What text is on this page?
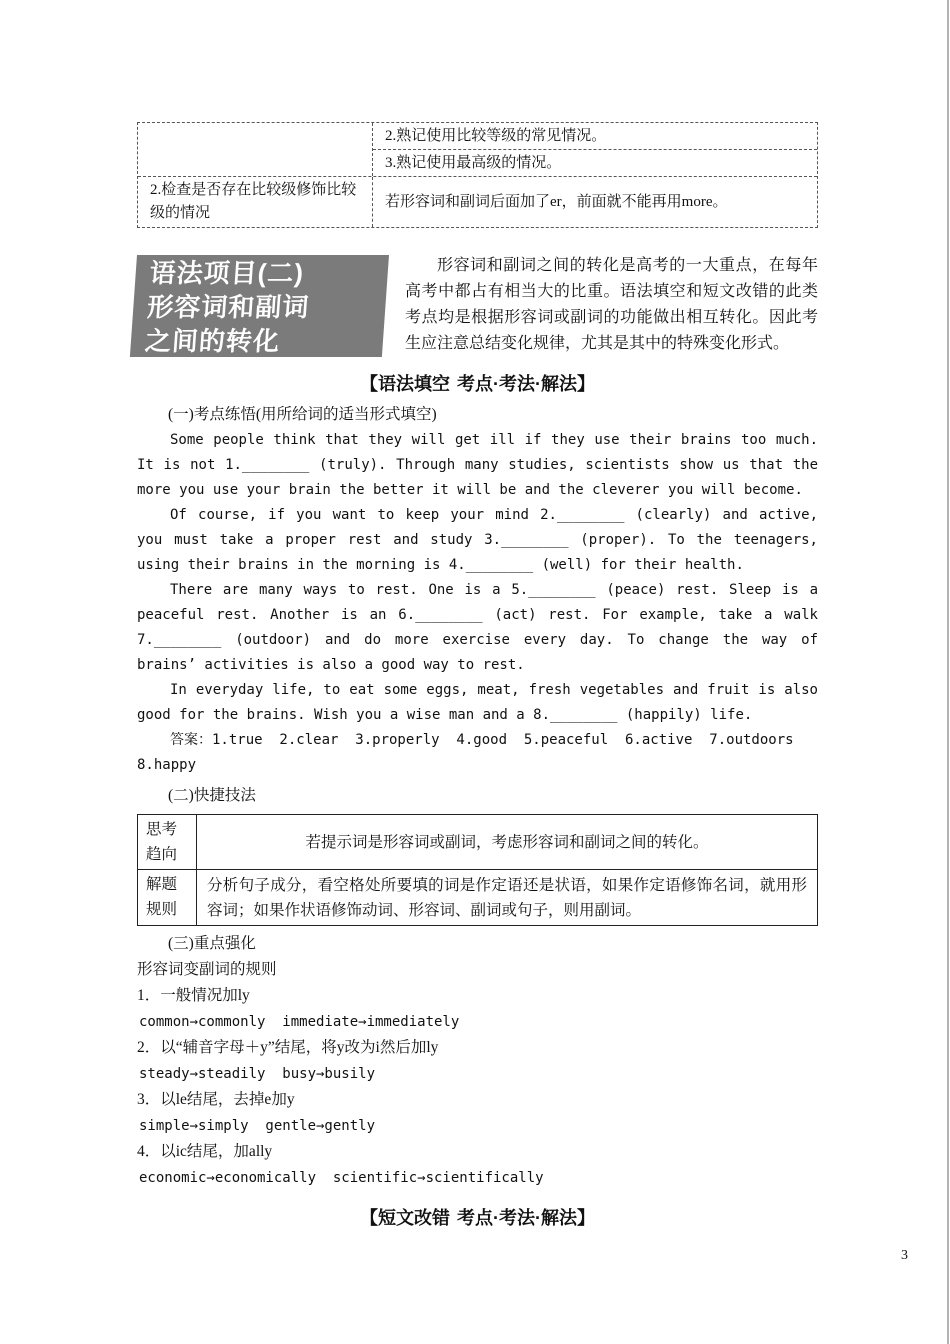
2.熟记使用比较等级的常见情况。
3.熟记使用最高级的情况。
2.检查是否存在比较级修饰比较级的情况
若形容词和副词后面加了er，前面就不能再用more。
语法项目(二)
形容词和副词
之间的转化

形容词和副词之间的转化是高考的一大重点，在每年高考中都占有相当大的比重。语法填空和短文改错的此类考点均是根据形容词或副词的功能做出相互转化。因此考生应注意总结变化规律，尤其是其中的特殊变化形式。

【语法填空 考点·考法·解法】

(一)考点练悟(用所给词的适当形式填空)

Some people think that they will get ill if they use their brains too much. It is not 1.________ (truly). Through many studies, scientists show us that the more you use your brain the better it will be and the cleverer you will become.

Of course, if you want to keep your mind 2.________ (clearly) and active, you must take a proper rest and study 3.________ (proper). To the teenagers, using their brains in the morning is 4.________ (well) for their health.

There are many ways to rest. One is a 5.________ (peace) rest. Sleep is a peaceful rest. Another is an 6.________ (act) rest. For example, take a walk 7.________ (outdoor) and do more exercise every day. To change the way of brains’ activities is also a good way to rest.

In everyday life, to eat some eggs, meat, fresh vegetables and fruit is also good for the brains. Wish you a wise man and a 8.________ (happily) life.

答案：1.true  2.clear  3.properly  4.good  5.peaceful  6.active  7.outdoors 8.happy

(二)快捷技法

思考
趋向
若提示词是形容词或副词，考虑形容词和副词之间的转化。
解题
规则
分析句子成分，看空格处所要填的词是作定语还是状语，如果作定语修饰名词，就用形容词；如果作状语修饰动词、形容词、副词或句子，则用副词。

(三)重点强化

形容词变副词的规则

1．一般情况加ly

common→commonly  immediate→immediately

2．以“辅音字母＋y”结尾，将y改为i然后加ly

steady→steadily  busy→busily

3．以le结尾，去掉e加y

simple→simply  gentle→gently

4．以ic结尾，加ally

economic→economically  scientific→scientifically

【短文改错 考点·考法·解法】
3
